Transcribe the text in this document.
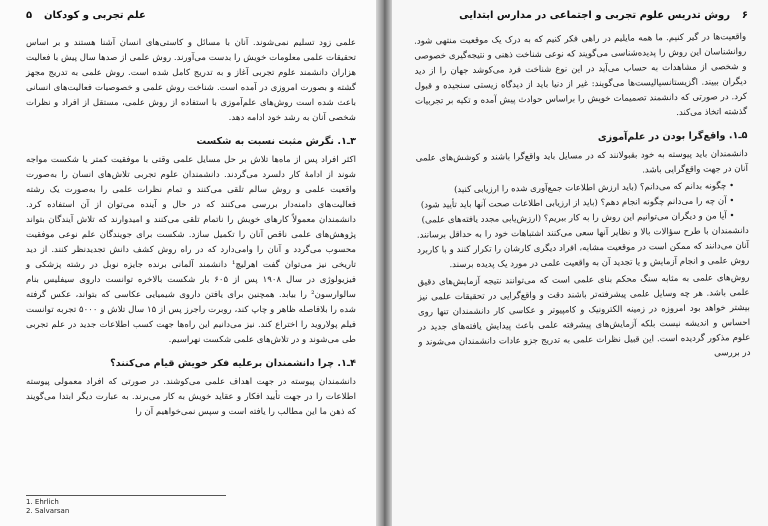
۵ علم تجربی و کودکان

علمی زود تسلیم نمی‌شوند. آنان با مسائل و کاستی‌های انسان آشنا هستند و بر اساس تحقیقات علمی معلومات خویش را بدست می‌آورند. روش علمی از صدها سال پیش با فعالیت هزاران دانشمند علوم تجربی آغاز و به تدریج کامل شده است. روش علمی به تدریج مجهز گشته و بصورت امروزی در آمده است. شناخت روش علمی و خصوصیات فعالیت‌های انسانی باعث شده است روش‌های علم‌آموزی با استفاده از روش علمی، مستقل از افراد و نظرات شخصی آنان به رشد خود ادامه دهد.

۳ـ۱. نگرش مثبت نسبت به شکست

اکثر افراد پس از ماه‌ها تلاش بر حل مسایل علمی وقتی با موفقیت کمتر یا شکست مواجه شوند از ادامهٔ کار دلسرد می‌گردند. دانشمندان علوم تجربی تلاش‌های انسان را به‌صورت واقعیت علمی و روش سالم تلقی می‌کنند و تمام نظرات علمی را به‌صورت یک رشته فعالیت‌های دامنه‌دار بررسی می‌کنند که در حال و آینده می‌توان از آن استفاده کرد. دانشمندان معمولاً کارهای خویش را ناتمام تلقی می‌کنند و امیدوارند که تلاش آیندگان بتواند پژوهش‌های علمی ناقص آنان را تکمیل سازد. شکست برای جویندگان علم نوعی موفقیت محسوب می‌گردد و آنان را وامی‌دارد که در راه روش کشف دانش تجدیدنظر کنند. از دید تاریخی نیز می‌توان گفت اهرلیچ¹ دانشمند آلمانی برنده جایزه نوبل در رشته پزشکی و فیزیولوژی در سال ۱۹۰۸ پس از ۶۰۵ بار شکست بالاخره توانست داروی سیفلیس بنام سالوارسون² را بیابد. همچنین برای یافتن داروی شیمیایی عکاسی که بتواند، عکس گرفته شده را بلافاصله ظاهر و چاپ کند، روبرت راجرز پس از ۱۵ سال تلاش و ۵۰۰۰ تجربه توانست فیلم پولاروید را اختراع کند. نیز می‌دانیم این راه‌ها جهت کسب اطلاعات جدید در علم تجربی طی می‌شوند و در تلاش‌های علمی شکست نهراسیم.

۴ـ۱. چرا دانشمندان برعلیه فکر خویش قیام می‌کنند؟

دانشمندان پیوسته در جهت اهداف علمی می‌کوشند. در صورتی که افراد معمولی پیوسته اطلاعات را در جهت تأیید افکار و عقاید خویش به کار می‌برند. به عبارت دیگر ابتدا می‌گویند که ذهن ما این مطالب را یافته است و سپس نمی‌خواهیم آن را

1. Ehrlich
2. Salvarsan
۶
روش تدریس علوم تجربی و اجتماعی در مدارس ابتدایی

واقعیت‌ها در گیر کنیم. ما همه مایلیم در راهی فکر کنیم که به درک یک موقعیت منتهی شود. روانشناسان این روش را پدیده‌شناسی می‌گویند که نوعی شناخت ذهنی و نتیجه‌گیری خصوصی و شخصی از مشاهدات به حساب می‌آید در این نوع شناخت فرد می‌کوشد جهان را از دید دیگران ببیند. اگزیستانسیالیست‌ها می‌گویند: غیر از دنیا باید از دیدگاه زیستی سنجیده و قبول کرد. در صورتی که دانشمند تصمیمات خویش را براساس حوادث پیش آمده و تکیه بر تجربیات گذشته اتخاذ می‌کند.

۵ـ۱. واقع‌گرا بودن در علم‌آموزی

دانشمندان باید پیوسته به خود بقبولانند که در مسایل باید واقع‌گرا باشند و کوشش‌های علمی آنان در جهت واقع‌گرایی باشد.

• چگونه بدانم که می‌دانم؟ (باید ارزش اطلاعات جمع‌آوری شده را ارزیابی کنید)
• آن چه را می‌دانم چگونه انجام دهم؟ (باید از ارزیابی اطلاعات صحت آنها باید تأیید شود)
• آیا من و دیگران می‌توانیم این روش را به کار ببریم؟ (ارزش‌یابی مجدد یافته‌های علمی)

دانشمندان با طرح سؤالات بالا و نظایر آنها سعی می‌کنند اشتباهات خود را به حداقل برسانند. آنان می‌دانند که ممکن است در موقعیت مشابه، افراد دیگری کارشان را تکرار کنند و با کاربرد روش علمی و انجام آزمایش و یا تجدید آن به واقعیت علمی در مورد یک پدیده برسند.

روش‌های علمی به مثابه سنگ محکم بنای علمی است که می‌توانند نتیجه آزمایش‌های دقیق علمی باشد. هر چه وسایل علمی پیشرفته‌تر باشند دقت و واقع‌گرایی در تحقیقات علمی نیز بیشتر خواهد بود امروزه در زمینه الکترونیک و کامپیوتر و عکاسی کار دانشمندان تنها روی احساس و اندیشه نیست بلکه آزمایش‌های پیشرفته علمی باعث پیدایش یافته‌های جدید در علوم مذکور گردیده است. این قبیل نظرات علمی به تدریج جزو عادات دانشمندان می‌شوند و در بررسی
